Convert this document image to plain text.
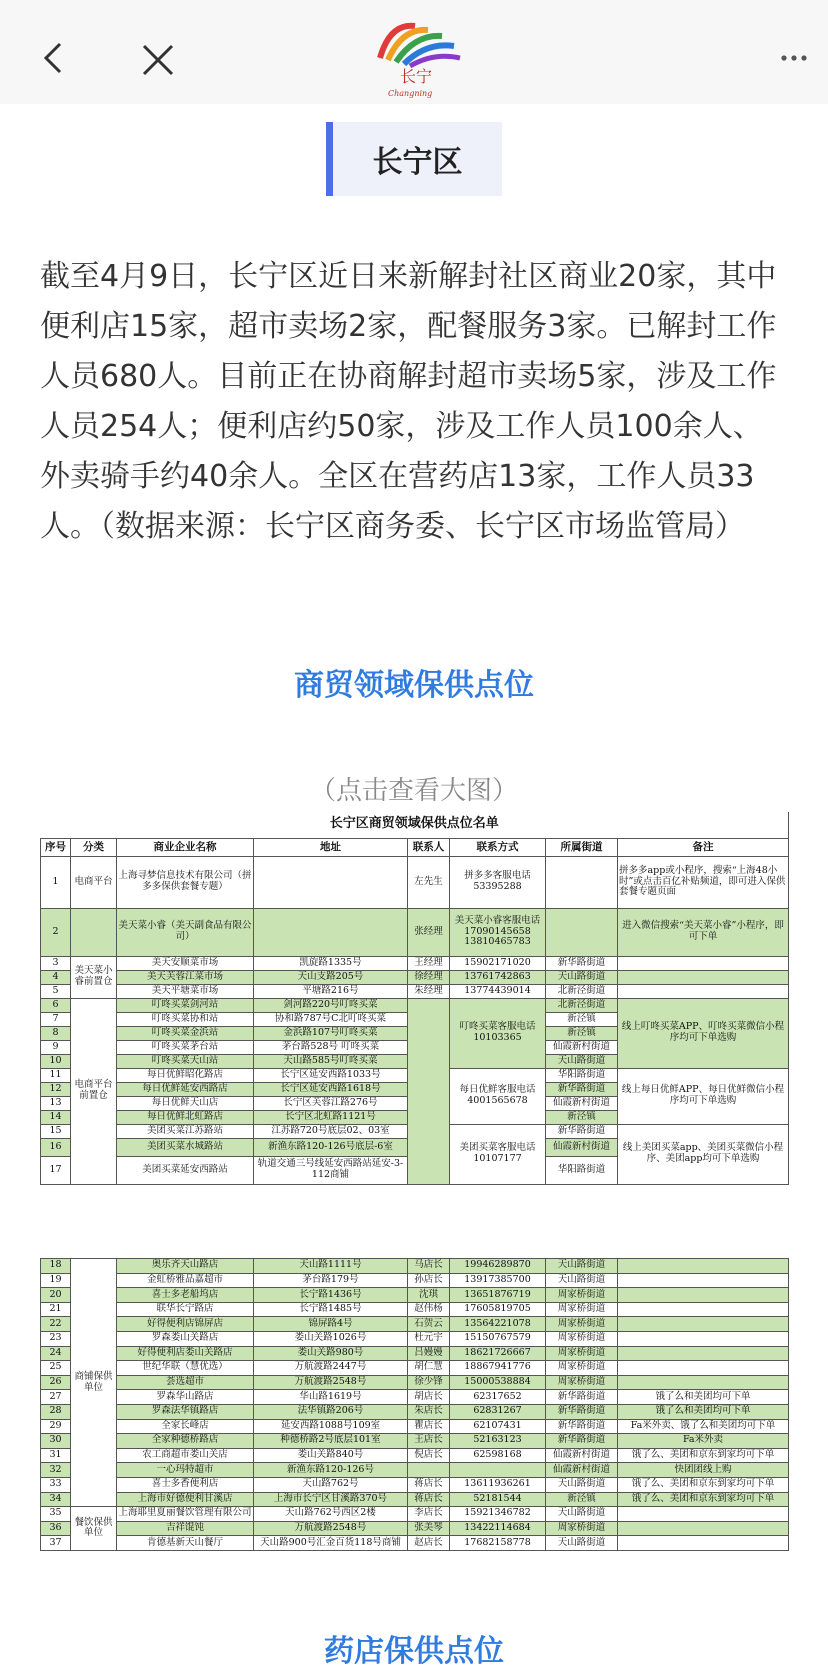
长宁
Changning
长宁区
截至4月9日，长宁区近日来新解封社区商业20家，其中便利店15家，超市卖场2家，配餐服务3家。已解封工作人员680人。目前正在协商解封超市卖场5家，涉及工作人员254人；便利店约50家，涉及工作人员100余人、外卖骑手约40余人。全区在营药店13家，工作人员33人。（数据来源：长宁区商务委、长宁区市场监管局）
商贸领域保供点位
（点击查看大图）
长宁区商贸领域保供点位名单							
序号	分类	商业企业名称	地址	联系人	联系方式	所属街道	备注
1	电商平台	上海寻梦信息技术有限公司（拼多多保供套餐专题）		左先生	拼多多客服电话53395288		拼多多app或小程序，搜索“上海48小时”或点击百亿补贴频道，即可进入保供套餐专题页面
2		美天菜小睿（美天副食品有限公司）		张经理	美天菜小睿客服电话 17090145658 13810465783		进入微信搜索“美天菜小睿”小程序，即可下单
3	美天菜小睿前置仓	美天安顺菜市场	凯旋路1335号	王经理	15902171020	新华路街道	
4		美天芙蓉江菜市场	天山支路205号	徐经理	13761742863	天山路街道	
5		美天平塘菜市场	平塘路216号	朱经理	13774439014	北新泾街道	
6	电商平台前置仓	叮咚买菜剑河站	剑河路220号叮咚买菜		叮咚买菜客服电话 10103365	北新泾街道	线上叮咚买菜APP、叮咚买菜微信小程序均可下单选购
7		叮咚买菜协和站	协和路787号C北叮咚买菜			新泾镇	
8		叮咚买菜金浜站	金浜路107号叮咚买菜			新泾镇	
9		叮咚买菜茅台站	茅台路528号 叮咚买菜			仙霞新村街道	
10		叮咚买菜天山站	天山路585号叮咚买菜			天山路街道	
11		每日优鲜昭化路店	长宁区延安西路1033号		每日优鲜客服电话 4001565678	华阳路街道	线上每日优鲜APP、每日优鲜微信小程序均可下单选购
12		每日优鲜延安西路店	长宁区延安西路1618号			新华路街道	
13		每日优鲜天山店	长宁区芙蓉江路276号			仙霞新村街道	
14		每日优鲜北虹路店	长宁区北虹路1121号			新泾镇	
15		美团买菜江苏路站	江苏路720号底层02、03室		美团买菜客服电话 10107177	新华路街道	线上美团买菜app、美团买菜微信小程序、美团app均可下单选购
16		美团买菜水城路站	新渔东路120-126号底层-6室			仙霞新村街道	
17		美团买菜延安西路站	轨道交通三号线延安西路站延安-3-112商铺			华阳路街道	
18	商铺保供单位	奥乐齐天山路店	天山路1111号	马店长	19946289870	天山路街道	
19		金虹桥雅品嘉超市	茅台路179号	孙店长	13917385700	天山路街道	
20		喜士多老船坞店	长宁路1436号	沈琪	13651876719	周家桥街道	
21		联华长宁路店	长宁路1485号	赵伟杨	17605819705	周家桥街道	
22		好得便利店锦屏店	锦屏路4号	石贺云	13564221078	周家桥街道	
23		罗森娄山关路店	娄山关路1026号	杜元宇	15150767579	周家桥街道	
24		好得便利店娄山关路店	娄山关路980号	吕嫚嫚	18621726667	周家桥街道	
25		世纪华联（慧优选）	万航渡路2447号	胡仁慧	18867941776	周家桥街道	
26		荟选超市	万航渡路2548号	徐少锋	15000538884	周家桥街道	
27		罗森华山路店	华山路1619号	胡店长	62317652	新华路街道	饿了么和美团均可下单
28		罗森法华镇路店	法华镇路206号	朱店长	62831267	新华路街道	饿了么和美团均可下单
29		全家长峰店	延安西路1088号109室	瞿店长	62107431	新华路街道	Fa米外卖、饿了么和美团均可下单
30		全家种德桥路店	种德桥路2号底层101室	王店长	52163123	新华路街道	Fa米外卖
31		农工商超市娄山关店	娄山关路840号	倪店长	62598168	仙霞新村街道	饿了么、美团和京东到家均可下单
32		一心玛特超市	新渔东路120-126号			仙霞新村街道	快团团线上购
33		喜士多香便利店	天山路762号	蒋店长	13611936261	天山路街道	饿了么、美团和京东到家均可下单
34		上海市好德便利甘溪店	上海市长宁区甘溪路370号	蒋店长	52181544	新泾镇	饿了么、美团和京东到家均可下单
35	餐饮保供单位	上海耶里夏丽餐饮管理有限公司	天山路762号西区2楼	李店长	15921346782	天山路街道	
36		吉祥馄饨	万航渡路2548号	张美琴	13422114684	周家桥街道	
37		肯德基新天山餐厅	天山路900号汇金百货118号商铺	赵店长	17682158778	天山路街道	
药店保供点位
